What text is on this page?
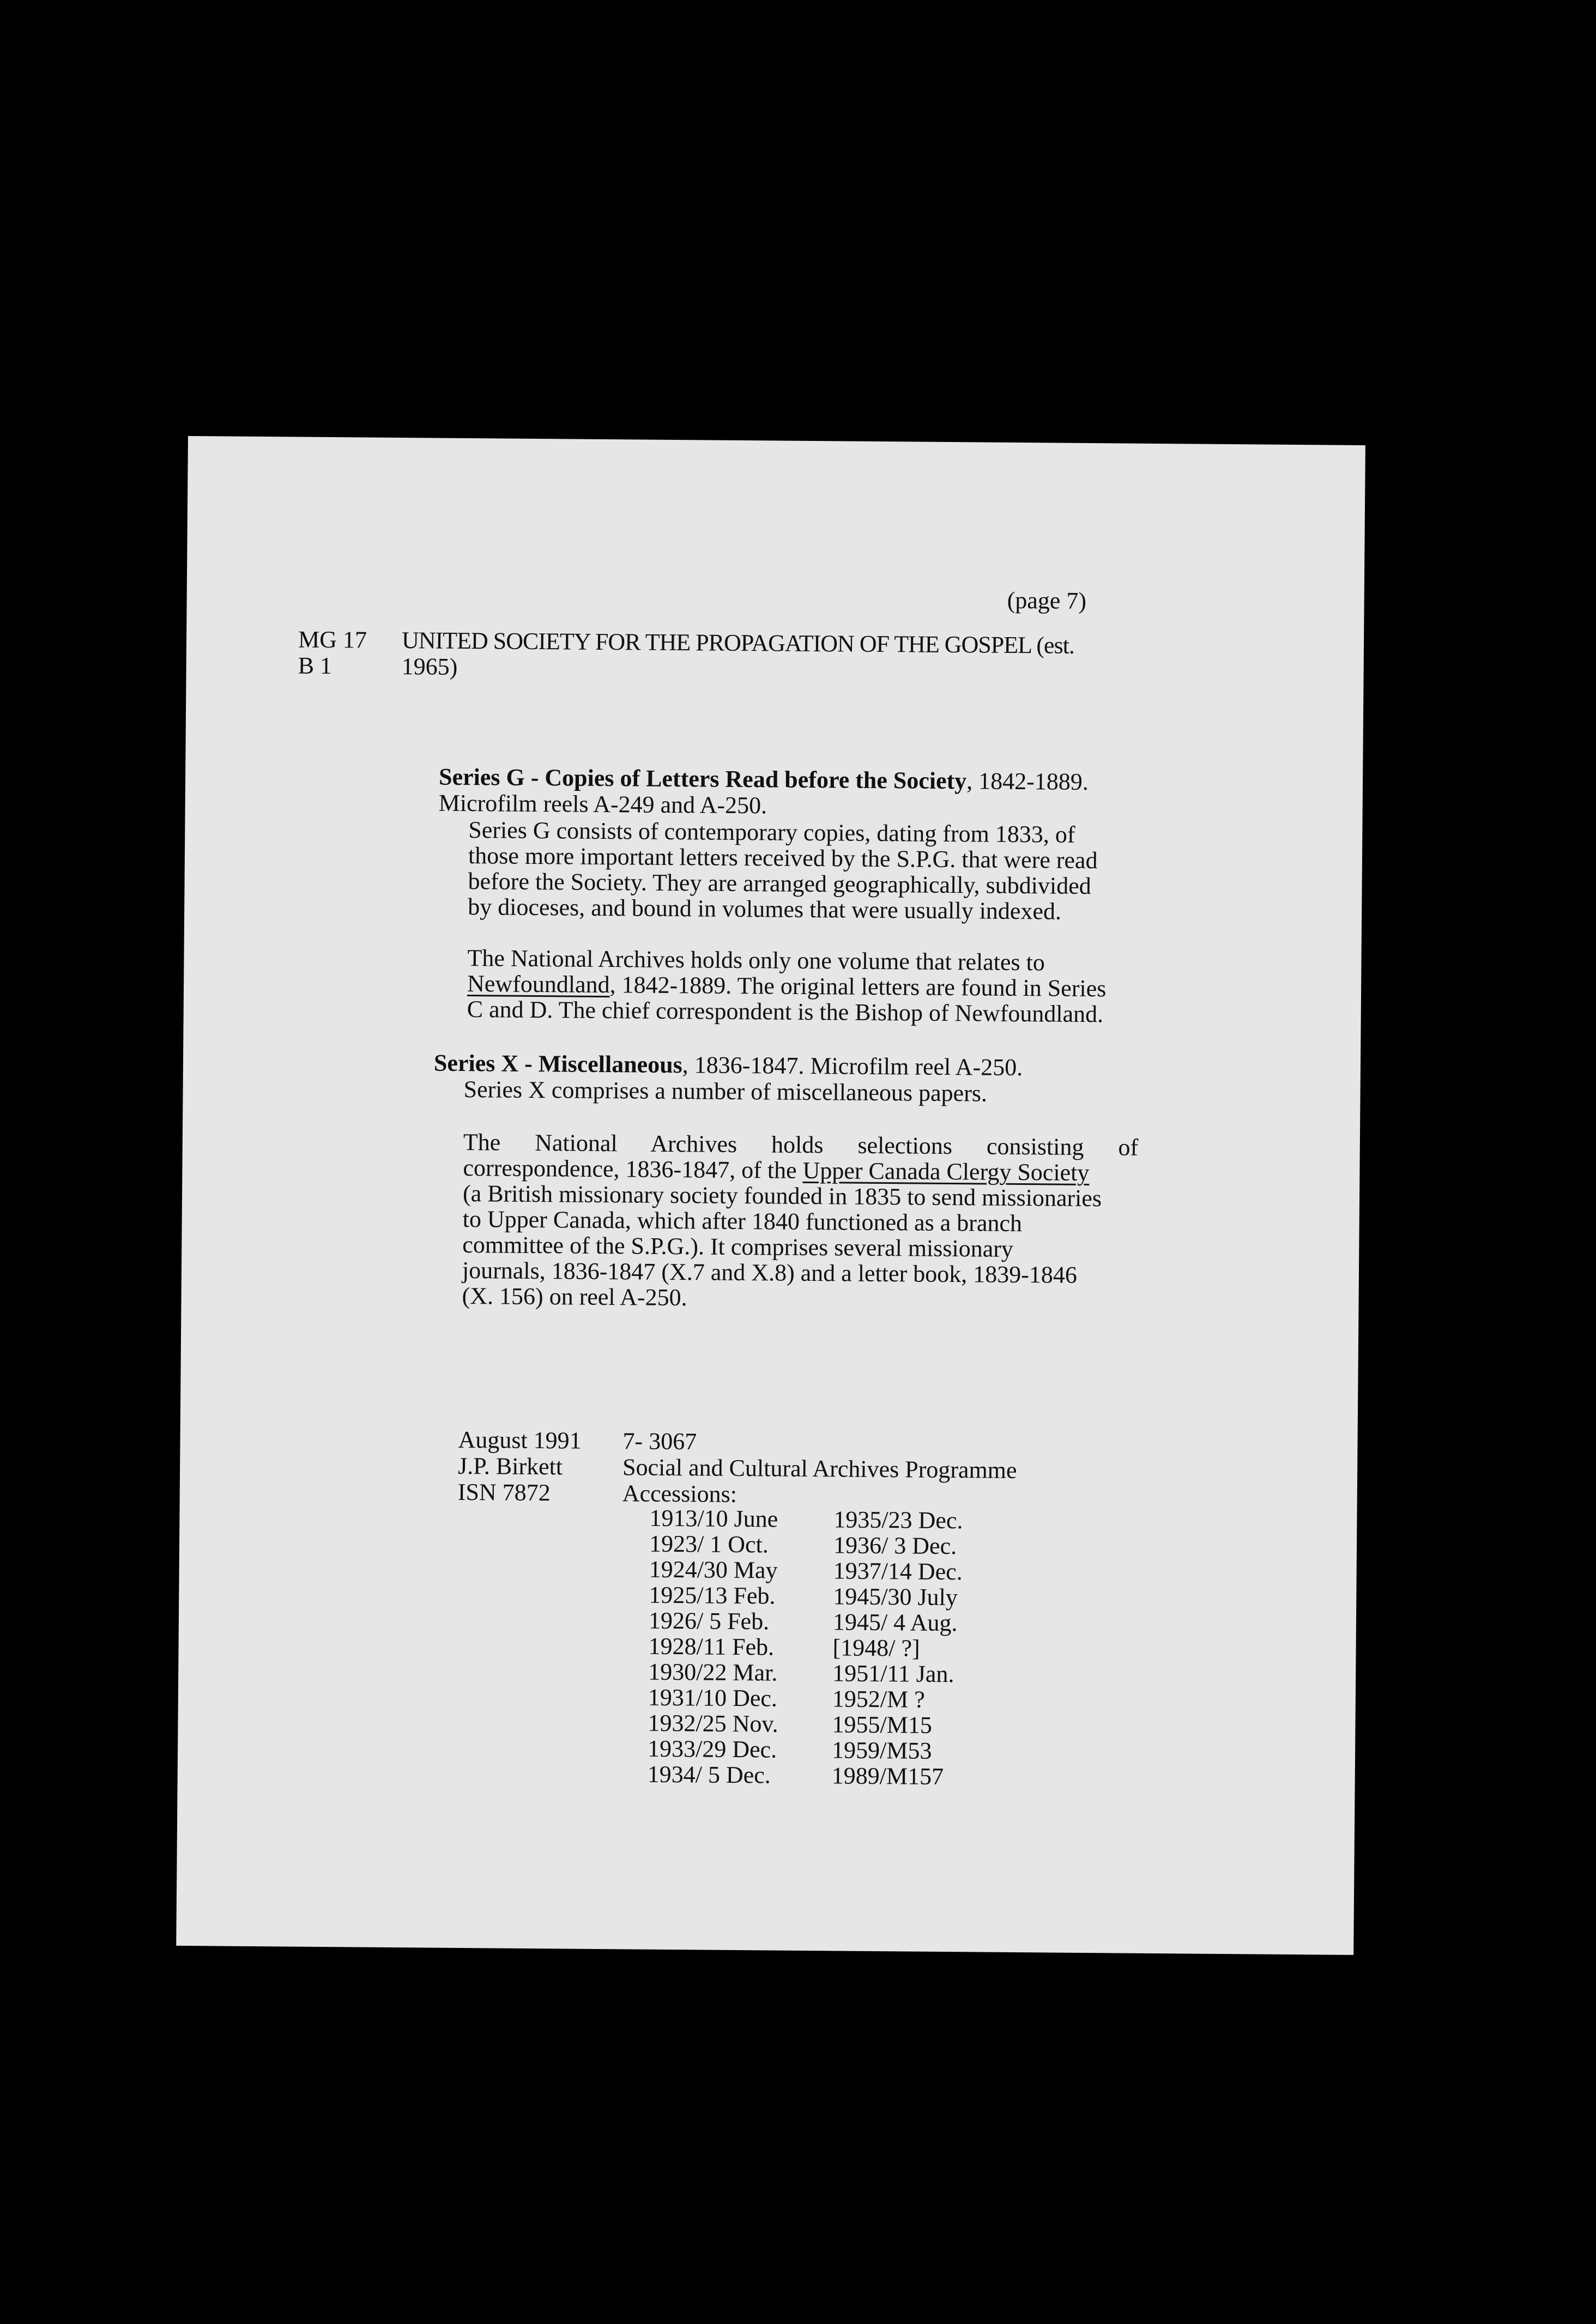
(page 7)
MG 17
B 1
UNITED SOCIETY FOR THE PROPAGATION OF THE GOSPEL (est.
1965)
Series G - Copies of Letters Read before the Society, 1842-1889.
Microfilm reels A-249 and A-250.
Series G consists of contemporary copies, dating from 1833, of
those more important letters received by the S.P.G. that were read
before the Society. They are arranged geographically, subdivided
by dioceses, and bound in volumes that were usually indexed.
The National Archives holds only one volume that relates to
Newfoundland, 1842-1889. The original letters are found in Series
C and D. The chief correspondent is the Bishop of Newfoundland.
Series X - Miscellaneous, 1836-1847. Microfilm reel A-250.
Series X comprises a number of miscellaneous papers.
The National Archives holds selections consisting of
correspondence, 1836-1847, of the Upper Canada Clergy Society
(a British missionary society founded in 1835 to send missionaries
to Upper Canada, which after 1840 functioned as a branch
committee of the S.P.G.). It comprises several missionary
journals, 1836-1847 (X.7 and X.8) and a letter book, 1839-1846
(X. 156) on reel A-250.
August 1991
J.P. Birkett
ISN 7872
7- 3067
Social and Cultural Archives Programme
Accessions:
1913/10 June
1923/ 1 Oct.
1924/30 May
1925/13 Feb.
1926/ 5 Feb.
1928/11 Feb.
1930/22 Mar.
1931/10 Dec.
1932/25 Nov.
1933/29 Dec.
1934/ 5 Dec.
1935/23 Dec.
1936/ 3 Dec.
1937/14 Dec.
1945/30 July
1945/ 4 Aug.
[1948/ ?]
1951/11 Jan.
1952/M ?
1955/M15
1959/M53
1989/M157
